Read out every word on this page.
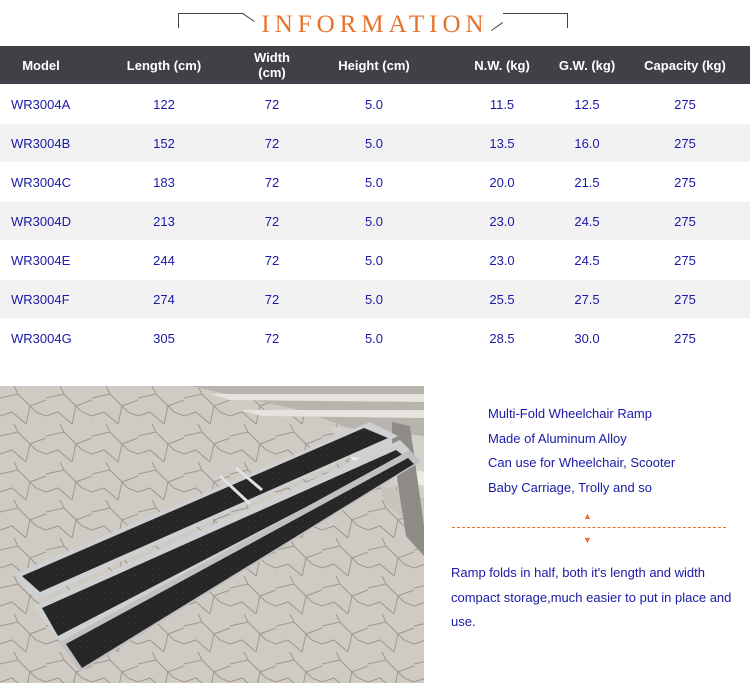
INFORMATION
Model	Length (cm)	Width (cm)	Height (cm)	N.W. (kg)	G.W. (kg)	Capacity (kg)
WR3004A	122	72	5.0	11.5	12.5	275
WR3004B	152	72	5.0	13.5	16.0	275
WR3004C	183	72	5.0	20.0	21.5	275
WR3004D	213	72	5.0	23.0	24.5	275
WR3004E	244	72	5.0	23.0	24.5	275
WR3004F	274	72	5.0	25.5	27.5	275
WR3004G	305	72	5.0	28.5	30.0	275
Multi-Fold Wheelchair Ramp
Made of Aluminum Alloy
Can use for Wheelchair, Scooter
Baby Carriage, Trolly and so
▲
▼

Ramp folds in half, both it's length and width compact storage,much easier to put in place and use.
